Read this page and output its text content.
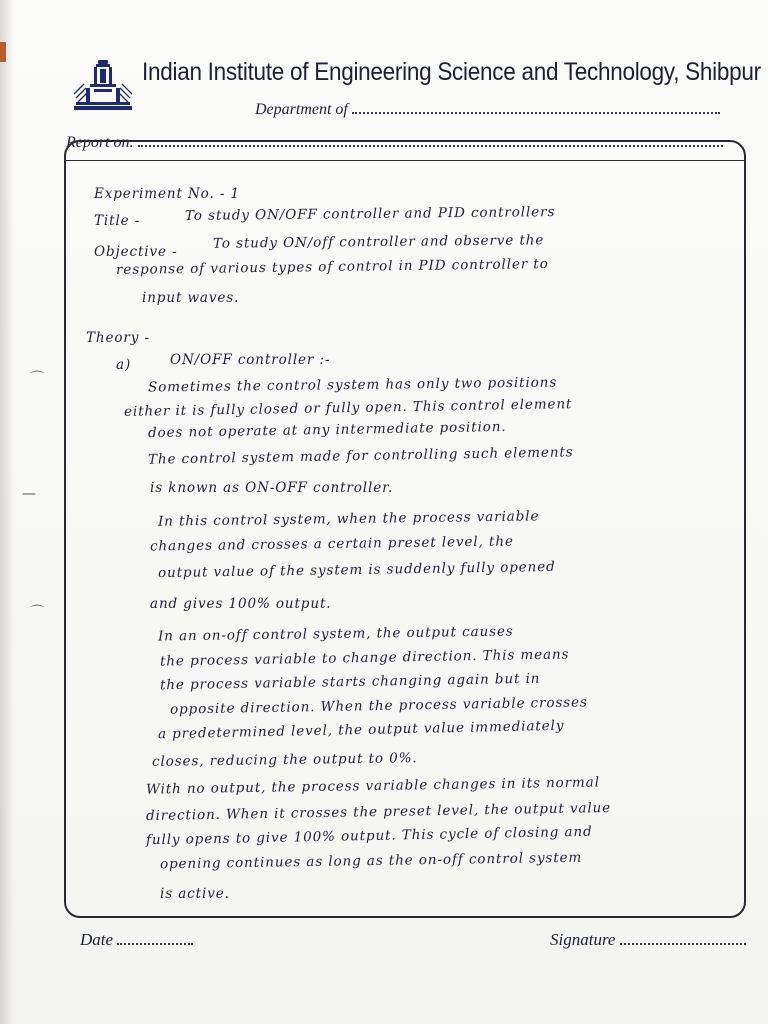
Indian Institute of Engineering Science and Technology, Shibpur
Department of
Report on.
Experiment No. - 1
Title -	To study ON/OFF controller and PID controllers
Objective -
To study ON/off controller and observe the
response of various types of control in PID controller to
input waves.
Theory -
a)	ON/OFF controller :-
Sometimes the control system has only two positions
either it is fully closed or fully open. This control element
does not operate at any intermediate position.
The control system made for controlling such elements
is known as ON-OFF controller.
In this control system, when the process variable
changes and crosses a certain preset level, the
output value of the system is suddenly fully opened
and gives 100% output.
In an on-off control system, the output causes
the process variable to change direction. This means
the process variable starts changing again but in
opposite direction. When the process variable crosses
a predetermined level, the output value immediately
closes, reducing the output to 0%.
With no output, the process variable changes in its normal
direction. When it crosses the preset level, the output value
fully opens to give 100% output. This cycle of closing and
opening continues as long as the on-off control system
is active.
Date	Signature
⌒
—
⌒
